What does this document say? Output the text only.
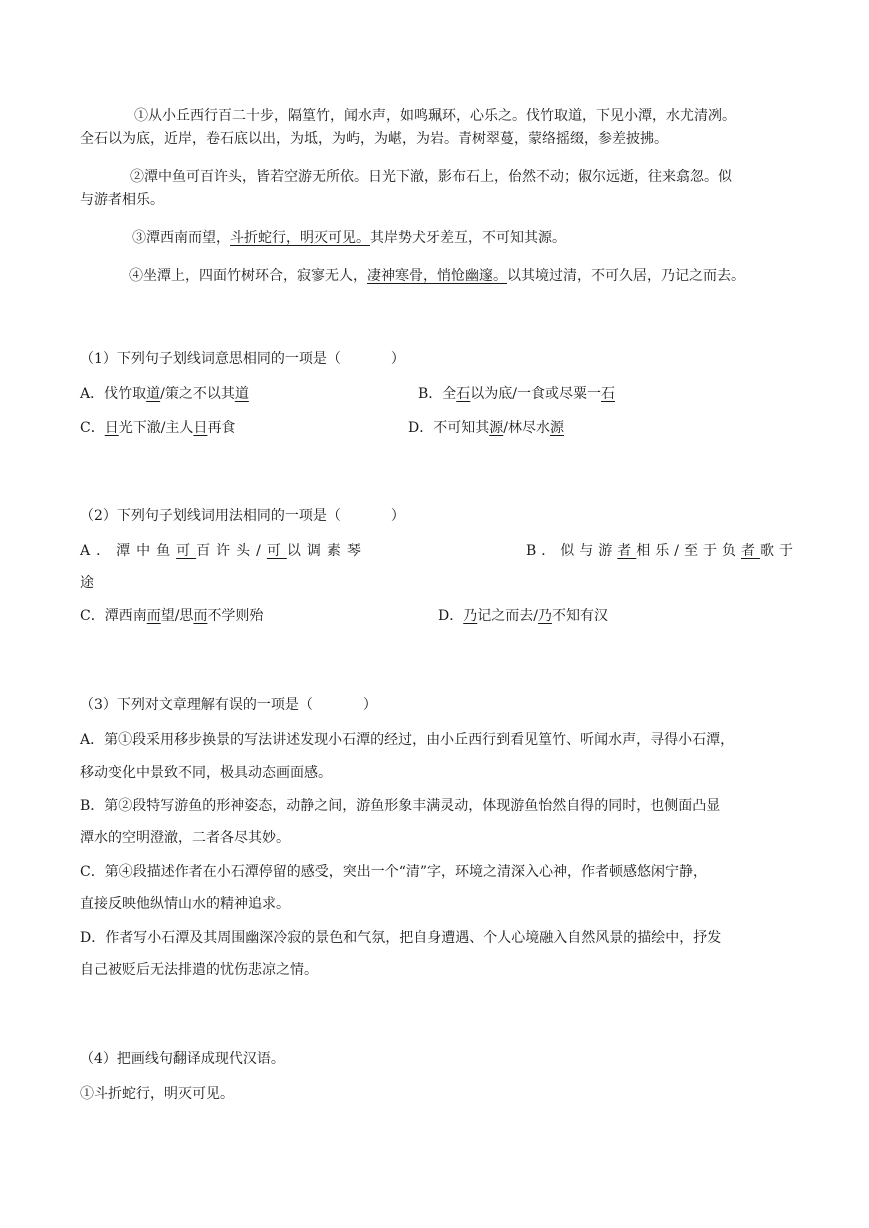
①从小丘西行百二十步，隔篁竹，闻水声，如鸣珮环，心乐之。伐竹取道，下见小潭，水尤清冽。
全石以为底，近岸，卷石底以出，为坻，为屿，为嵁，为岩。青树翠蔓，蒙络摇缀，参差披拂。
②潭中鱼可百许头，皆若空游无所依。日光下澈，影布石上，佁然不动；俶尔远逝，往来翕忽。似
与游者相乐。
③潭西南而望，斗折蛇行，明灭可见。其岸势犬牙差互，不可知其源。
④坐潭上，四面竹树环合，寂寥无人，凄神寒骨，悄怆幽邃。以其境过清，不可久居，乃记之而去。
（1）下列句子划线词意思相同的一项是（	）
A．伐竹取道/策之不以其道	B．全石以为底/一食或尽粟一石
C．日光下澈/主人日再食	D．不可知其源/林尽水源
（2）下列句子划线词用法相同的一项是（	）
A．潭中鱼可百许头/可以调素琴	B．似与游者相乐/至于负者歌于
途
C．潭西南而望/思而不学则殆	D．乃记之而去/乃不知有汉
（3）下列对文章理解有误的一项是（	）
A．第①段采用移步换景的写法讲述发现小石潭的经过，由小丘西行到看见篁竹、听闻水声，寻得小石潭，
移动变化中景致不同，极具动态画面感。
B．第②段特写游鱼的形神姿态，动静之间，游鱼形象丰满灵动，体现游鱼怡然自得的同时，也侧面凸显
潭水的空明澄澈，二者各尽其妙。
C．第④段描述作者在小石潭停留的感受，突出一个“清”字，环境之清深入心神，作者顿感悠闲宁静，
直接反映他纵情山水的精神追求。
D．作者写小石潭及其周围幽深冷寂的景色和气氛，把自身遭遇、个人心境融入自然风景的描绘中，抒发
自己被贬后无法排遣的忧伤悲凉之情。
（4）把画线句翻译成现代汉语。
①斗折蛇行，明灭可见。
